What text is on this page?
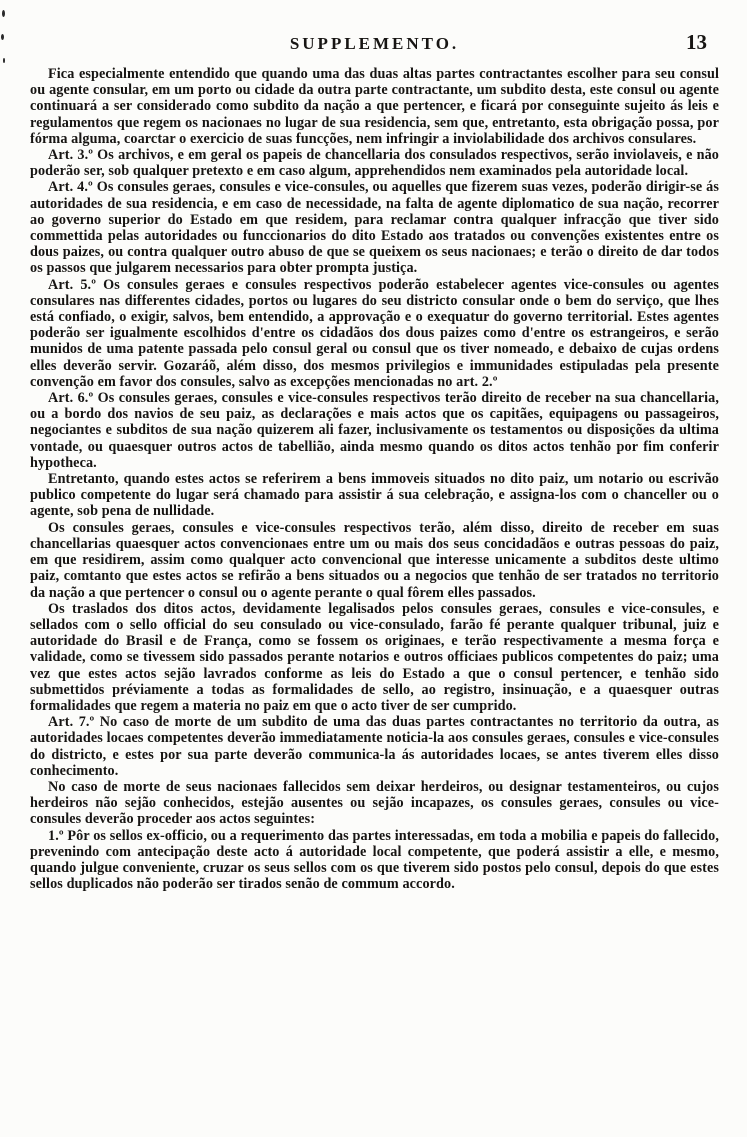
SUPPLEMENTO.	13

Fica especialmente entendido que quando uma das duas altas partes contractantes escolher para seu consul ou agente consular, em um porto ou cidade da outra parte contractante, um subdito desta, este consul ou agente continuará a ser considerado como subdito da nação a que pertencer, e ficará por conseguinte sujeito ás leis e regulamentos que regem os nacionaes no lugar de sua residencia, sem que, entretanto, esta obrigação possa, por fórma alguma, coarctar o exercicio de suas funcções, nem infringir a inviolabilidade dos archivos consulares.

Art. 3.º Os archivos, e em geral os papeis de chancellaria dos consulados respectivos, serão inviolaveis, e não poderão ser, sob qualquer pretexto e em caso algum, apprehendidos nem examinados pela autoridade local.

Art. 4.º Os consules geraes, consules e vice-consules, ou aquelles que fizerem suas vezes, poderão dirigir-se ás autoridades de sua residencia, e em caso de necessidade, na falta de agente diplomatico de sua nação, recorrer ao governo superior do Estado em que residem, para reclamar contra qualquer infracção que tiver sido commettida pelas autoridades ou funccionarios do dito Estado aos tratados ou convenções existentes entre os dous paizes, ou contra qualquer outro abuso de que se queixem os seus nacionaes; e terão o direito de dar todos os passos que julgarem necessarios para obter prompta justiça.

Art. 5.º Os consules geraes e consules respectivos poderão estabelecer agentes vice-consules ou agentes consulares nas differentes cidades, portos ou lugares do seu districto consular onde o bem do serviço, que lhes está confiado, o exigir, salvos, bem entendido, a approvação e o exequatur do governo territorial. Estes agentes poderão ser igualmente escolhidos d'entre os cidadãos dos dous paizes como d'entre os estrangeiros, e serão munidos de uma patente passada pelo consul geral ou consul que os tiver nomeado, e debaixo de cujas ordens elles deverão servir. Gozaráõ, além disso, dos mesmos privilegios e immunidades estipuladas pela presente convenção em favor dos consules, salvo as excepções mencionadas no art. 2.º

Art. 6.º Os consules geraes, consules e vice-consules respectivos terão direito de receber na sua chancellaria, ou a bordo dos navios de seu paiz, as declarações e mais actos que os capitães, equipagens ou passageiros, negociantes e subditos de sua nação quizerem ali fazer, inclusivamente os testamentos ou disposições da ultima vontade, ou quaesquer outros actos de tabellião, ainda mesmo quando os ditos actos tenhão por fim conferir hypotheca.

Entretanto, quando estes actos se referirem a bens immoveis situados no dito paiz, um notario ou escrivão publico competente do lugar será chamado para assistir á sua celebração, e assigna-los com o chanceller ou o agente, sob pena de nullidade.

Os consules geraes, consules e vice-consules respectivos terão, além disso, direito de receber em suas chancellarias quaesquer actos convencionaes entre um ou mais dos seus concidadãos e outras pessoas do paiz, em que residirem, assim como qualquer acto convencional que interesse unicamente a subditos deste ultimo paiz, comtanto que estes actos se refirão a bens situados ou a negocios que tenhão de ser tratados no territorio da nação a que pertencer o consul ou o agente perante o qual fôrem elles passados.

Os traslados dos ditos actos, devidamente legalisados pelos consules geraes, consules e vice-consules, e sellados com o sello official do seu consulado ou vice-consulado, farão fé perante qualquer tribunal, juiz e autoridade do Brasil e de França, como se fossem os originaes, e terão respectivamente a mesma força e validade, como se tivessem sido passados perante notarios e outros officiaes publicos competentes do paiz; uma vez que estes actos sejão lavrados conforme as leis do Estado a que o consul pertencer, e tenhão sido submettidos préviamente a todas as formalidades de sello, ao registro, insinuação, e a quaesquer outras formalidades que regem a materia no paiz em que o acto tiver de ser cumprido.

Art. 7.º No caso de morte de um subdito de uma das duas partes contractantes no territorio da outra, as autoridades locaes competentes deverão immediatamente noticia-la aos consules geraes, consules e vice-consules do districto, e estes por sua parte deverão communica-la ás autoridades locaes, se antes tiverem elles disso conhecimento.

No caso de morte de seus nacionaes fallecidos sem deixar herdeiros, ou designar testamenteiros, ou cujos herdeiros não sejão conhecidos, estejão ausentes ou sejão incapazes, os consules geraes, consules ou vice-consules deverão proceder aos actos seguintes:

1.º Pôr os sellos ex-officio, ou a requerimento das partes interessadas, em toda a mobilia e papeis do fallecido, prevenindo com antecipação deste acto á autoridade local competente, que poderá assistir a elle, e mesmo, quando julgue conveniente, cruzar os seus sellos com os que tiverem sido postos pelo consul, depois do que estes sellos duplicados não poderão ser tirados senão de commum accordo.
